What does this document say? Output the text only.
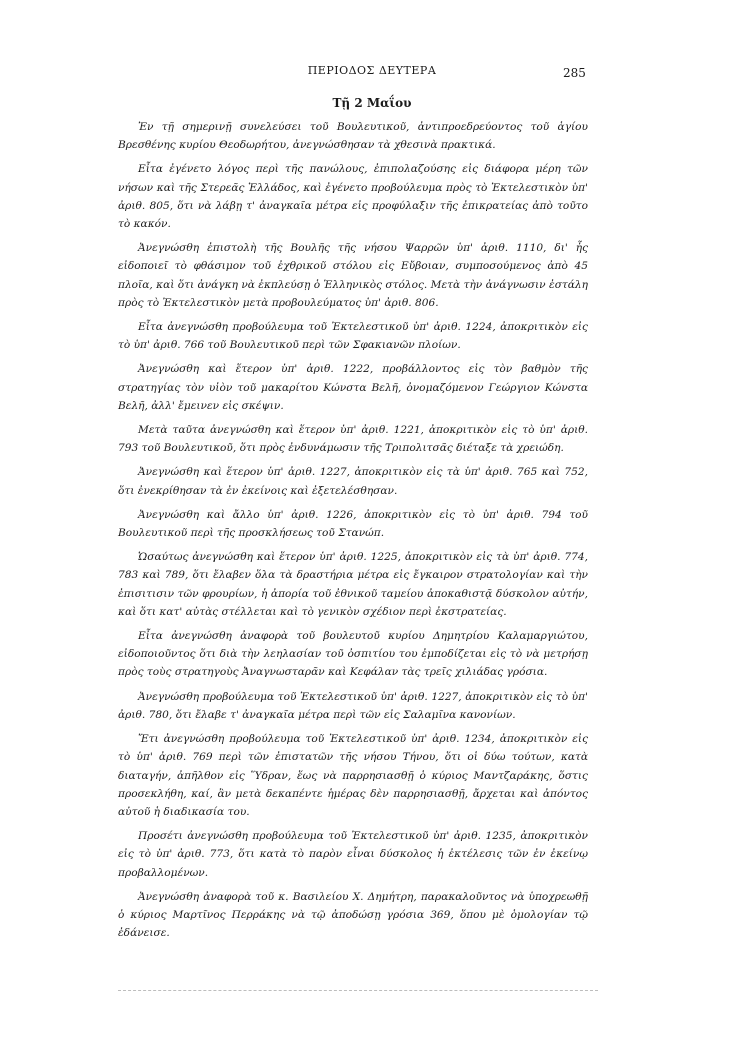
ΠΕΡΙΟΔΟΣ ΔΕΥΤΕΡΑ	285
Τῇ 2 Μαΐου

Ἐν τῇ σημερινῇ συνελεύσει τοῦ Βουλευτικοῦ, ἀντιπροεδρεύοντος τοῦ ἁγίου Βρεσθένης κυρίου Θεοδωρήτου, ἀνεγνώσθησαν τὰ χθεσινὰ πρακτικά.

Εἶτα ἐγένετο λόγος περὶ τῆς πανώλους, ἐπιπολαζούσης εἰς διάφορα μέρη τῶν νήσων καὶ τῆς Στερεᾶς Ἑλλάδος, καὶ ἐγένετο προβούλευμα πρὸς τὸ Ἐκτελεστικὸν ὑπ' ἀριθ. 805, ὅτι νὰ λάβῃ τ' ἀναγκαῖα μέτρα εἰς προφύλαξιν τῆς ἐπικρατείας ἀπὸ τοῦτο τὸ κακόν.

Ἀνεγνώσθη ἐπιστολὴ τῆς Βουλῆς τῆς νήσου Ψαρρῶν ὑπ' ἀριθ. 1110, δι' ἧς εἰδοποιεῖ τὸ φθάσιμον τοῦ ἐχθρικοῦ στόλου εἰς Εὔβοιαν, συμποσούμενος ἀπὸ 45 πλοῖα, καὶ ὅτι ἀνάγκη νὰ ἐκπλεύσῃ ὁ Ἑλληνικὸς στόλος. Μετὰ τὴν ἀνάγνωσιν ἐστάλη πρὸς τὸ Ἐκτελεστικὸν μετὰ προβουλεύματος ὑπ' ἀριθ. 806.

Εἶτα ἀνεγνώσθη προβούλευμα τοῦ Ἐκτελεστικοῦ ὑπ' ἀριθ. 1224, ἀποκριτικὸν εἰς τὸ ὑπ' ἀριθ. 766 τοῦ Βουλευτικοῦ περὶ τῶν Σφακιανῶν πλοίων.

Ἀνεγνώσθη καὶ ἕτερον ὑπ' ἀριθ. 1222, προβάλλοντος εἰς τὸν βαθμὸν τῆς στρατηγίας τὸν υἱὸν τοῦ μακαρίτου Κώνστα Βελῆ, ὀνομαζόμενον Γεώργιον Κώνστα Βελῆ, ἀλλ' ἔμεινεν εἰς σκέψιν.

Μετὰ ταῦτα ἀνεγνώσθη καὶ ἕτερον ὑπ' ἀριθ. 1221, ἀποκριτικὸν εἰς τὸ ὑπ' ἀριθ. 793 τοῦ Βουλευτικοῦ, ὅτι πρὸς ἐνδυνάμωσιν τῆς Τριπολιτσᾶς διέταξε τὰ χρειώδη.

Ἀνεγνώσθη καὶ ἕτερον ὑπ' ἀριθ. 1227, ἀποκριτικὸν εἰς τὰ ὑπ' ἀριθ. 765 καὶ 752, ὅτι ἐνεκρίθησαν τὰ ἐν ἐκείνοις καὶ ἐξετελέσθησαν.

Ἀνεγνώσθη καὶ ἄλλο ὑπ' ἀριθ. 1226, ἀποκριτικὸν εἰς τὸ ὑπ' ἀριθ. 794 τοῦ Βουλευτικοῦ περὶ τῆς προσκλήσεως τοῦ Στανώπ.

Ὡσαύτως ἀνεγνώσθη καὶ ἕτερον ὑπ' ἀριθ. 1225, ἀποκριτικὸν εἰς τὰ ὑπ' ἀριθ. 774, 783 καὶ 789, ὅτι ἔλαβεν ὅλα τὰ δραστήρια μέτρα εἰς ἔγκαιρον στρατολογίαν καὶ τὴν ἐπισιτισιν τῶν φρουρίων, ἡ ἀπορία τοῦ ἐθνικοῦ ταμείου ἀποκαθιστᾷ δύσκολον αὐτήν, καὶ ὅτι κατ' αὐτὰς στέλλεται καὶ τὸ γενικὸν σχέδιον περὶ ἐκστρατείας.

Εἶτα ἀνεγνώσθη ἀναφορὰ τοῦ βουλευτοῦ κυρίου Δημητρίου Καλαμαργιώτου, εἰδοποιοῦντος ὅτι διὰ τὴν λεηλασίαν τοῦ ὀσπιτίου του ἐμποδίζεται εἰς τὸ νὰ μετρήσῃ πρὸς τοὺς στρατηγοὺς Ἀναγνωσταρᾶν καὶ Κεφάλαν τὰς τρεῖς χιλιάδας γρόσια.

Ἀνεγνώσθη προβούλευμα τοῦ Ἐκτελεστικοῦ ὑπ' ἀριθ. 1227, ἀποκριτικὸν εἰς τὸ ὑπ' ἀριθ. 780, ὅτι ἔλαβε τ' ἀναγκαῖα μέτρα περὶ τῶν εἰς Σαλαμῖνα κανονίων.

Ἔτι ἀνεγνώσθη προβούλευμα τοῦ Ἐκτελεστικοῦ ὑπ' ἀριθ. 1234, ἀποκριτικὸν εἰς τὸ ὑπ' ἀριθ. 769 περὶ τῶν ἐπιστατῶν τῆς νήσου Τήνου, ὅτι οἱ δύω τούτων, κατὰ διαταγήν, ἀπῆλθον εἰς Ὕδραν, ἕως νὰ παρρησιασθῇ ὁ κύριος Μαντζαράκης, ὅστις προσεκλήθη, καί, ἂν μετὰ δεκαπέντε ἡμέρας δὲν παρρησιασθῇ, ἄρχεται καὶ ἀπόντος αὐτοῦ ἡ διαδικασία του.

Προσέτι ἀνεγνώσθη προβούλευμα τοῦ Ἐκτελεστικοῦ ὑπ' ἀριθ. 1235, ἀποκριτικὸν εἰς τὸ ὑπ' ἀριθ. 773, ὅτι κατὰ τὸ παρὸν εἶναι δύσκολος ἡ ἐκτέλεσις τῶν ἐν ἐκείνῳ προβαλλομένων.

Ἀνεγνώσθη ἀναφορὰ τοῦ κ. Βασιλείου Χ. Δημήτρη, παρακαλοῦντος νὰ ὑποχρεωθῇ ὁ κύριος Μαρτῖνος Περράκης νὰ τῷ ἀποδώσῃ γρόσια 369, ὅπου μὲ ὁμολογίαν τῷ ἐδάνεισε.
